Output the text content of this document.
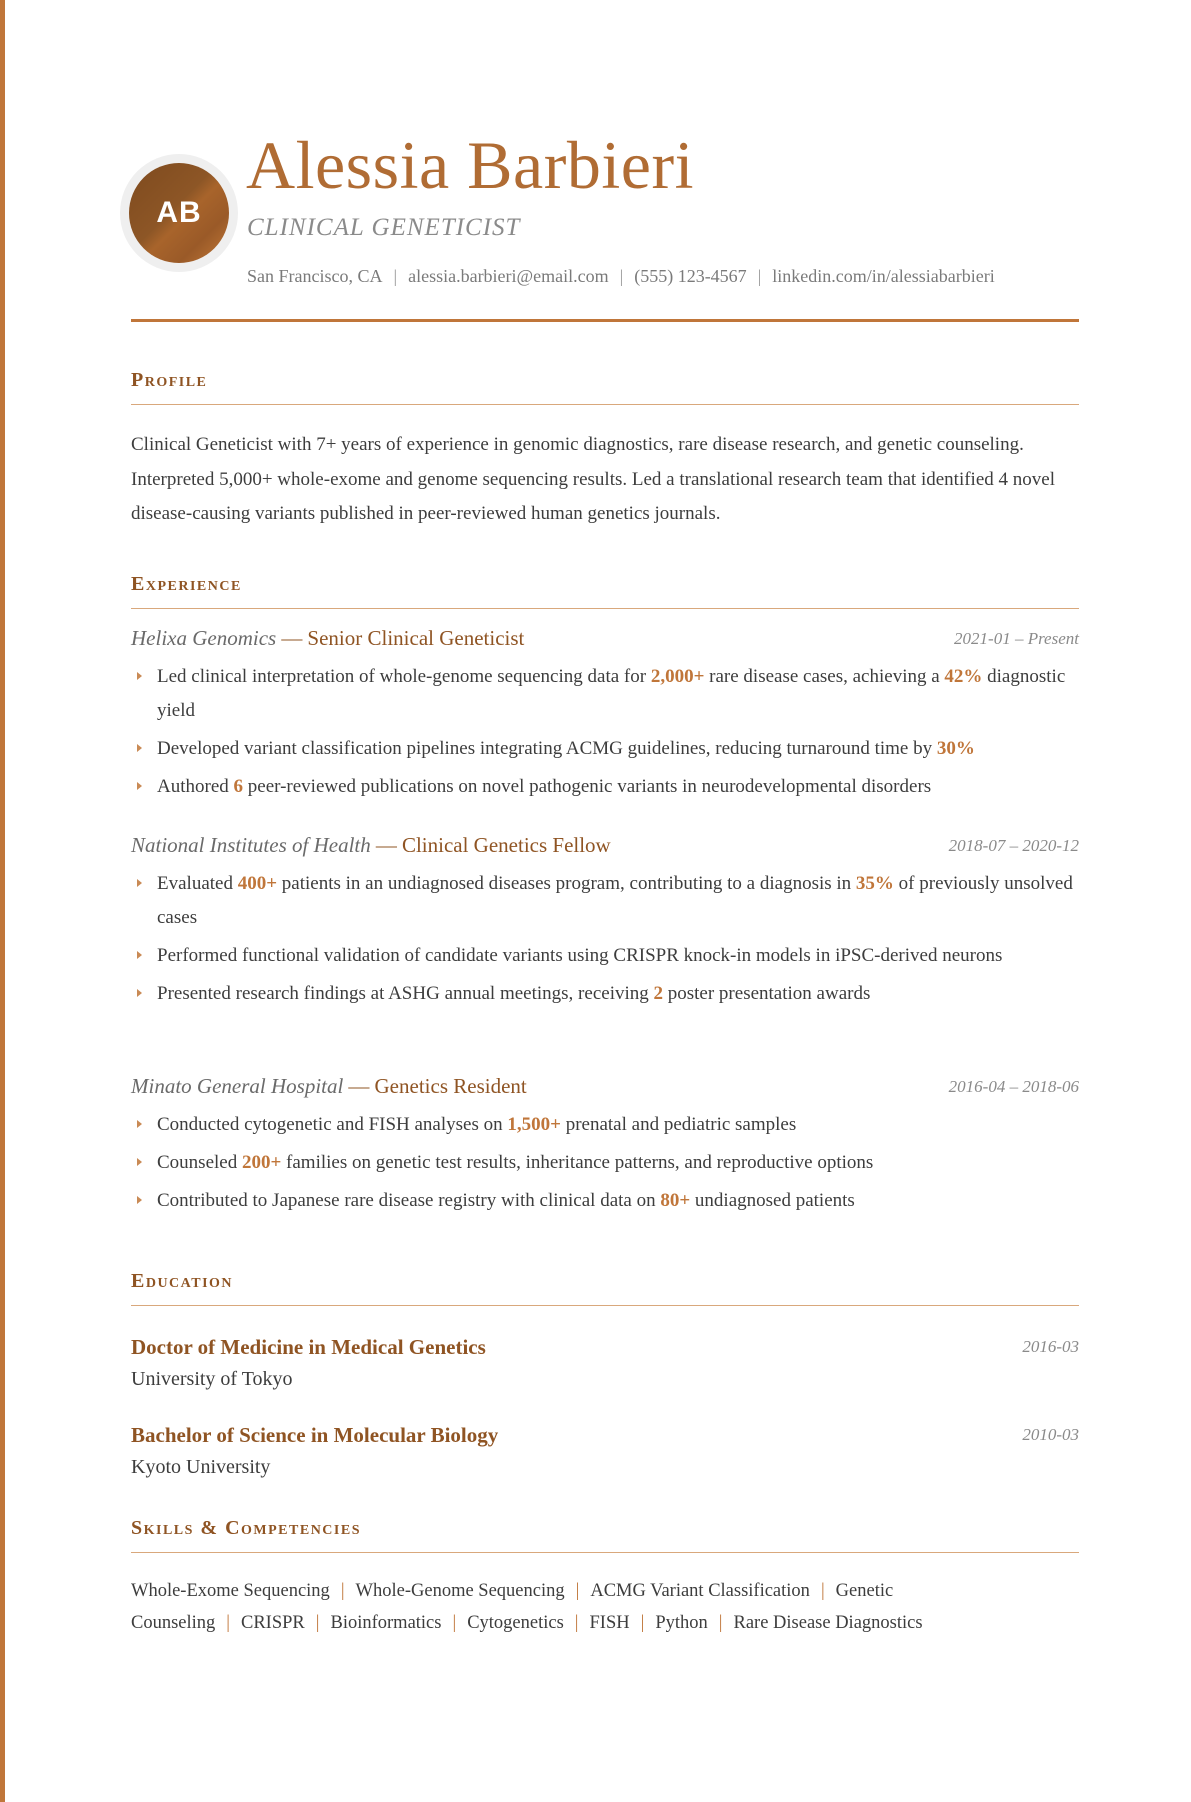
AB
Alessia Barbieri
CLINICAL GENETICIST
San Francisco, CA | alessia.barbieri@email.com | (555) 123-4567 | linkedin.com/in/alessiabarbieri
Profile
Clinical Geneticist with 7+ years of experience in genomic diagnostics, rare disease research, and genetic counseling. Interpreted 5,000+ whole-exome and genome sequencing results. Led a translational research team that identified 4 novel disease-causing variants published in peer-reviewed human genetics journals.
Experience
Helixa Genomics — Senior Clinical Geneticist	2021-01 – Present
Led clinical interpretation of whole-genome sequencing data for 2,000+ rare disease cases, achieving a 42% diagnostic yield
Developed variant classification pipelines integrating ACMG guidelines, reducing turnaround time by 30%
Authored 6 peer-reviewed publications on novel pathogenic variants in neurodevelopmental disorders
National Institutes of Health — Clinical Genetics Fellow	2018-07 – 2020-12
Evaluated 400+ patients in an undiagnosed diseases program, contributing to a diagnosis in 35% of previously unsolved cases
Performed functional validation of candidate variants using CRISPR knock-in models in iPSC-derived neurons
Presented research findings at ASHG annual meetings, receiving 2 poster presentation awards
Minato General Hospital — Genetics Resident	2016-04 – 2018-06
Conducted cytogenetic and FISH analyses on 1,500+ prenatal and pediatric samples
Counseled 200+ families on genetic test results, inheritance patterns, and reproductive options
Contributed to Japanese rare disease registry with clinical data on 80+ undiagnosed patients
Education
Doctor of Medicine in Medical Genetics
University of Tokyo
2016-03
Bachelor of Science in Molecular Biology
Kyoto University
2010-03
Skills & Competencies
Whole-Exome Sequencing | Whole-Genome Sequencing | ACMG Variant Classification | Genetic Counseling | CRISPR | Bioinformatics | Cytogenetics | FISH | Python | Rare Disease Diagnostics
